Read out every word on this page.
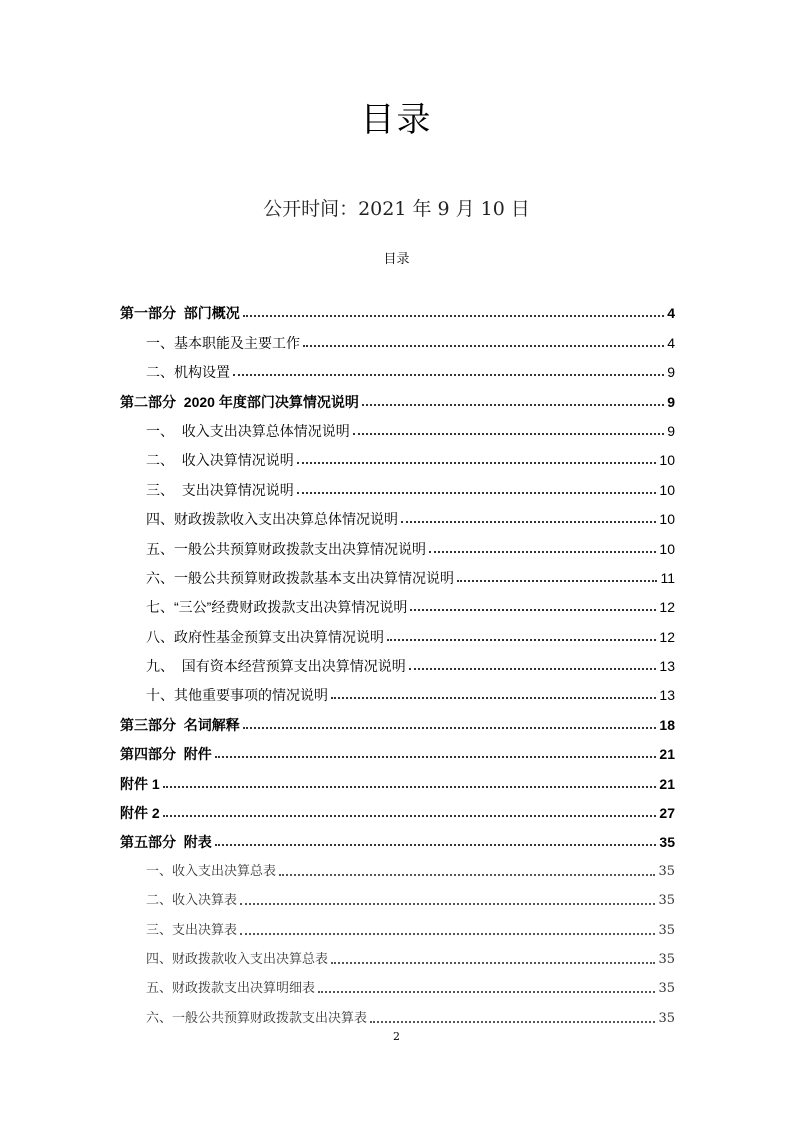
目录
公开时间：2021 年 9 月 10 日
目录
第一部分  部门概况	4
一、基本职能及主要工作	4
二、机构设置	9
第二部分  2020 年度部门决算情况说明	9
一、  收入支出决算总体情况说明	9
二、  收入决算情况说明	10
三、  支出决算情况说明	10
四、财政拨款收入支出决算总体情况说明	10
五、一般公共预算财政拨款支出决算情况说明	10
六、一般公共预算财政拨款基本支出决算情况说明	11
七、“三公”经费财政拨款支出决算情况说明	12
八、政府性基金预算支出决算情况说明	12
九、  国有资本经营预算支出决算情况说明	13
十、其他重要事项的情况说明	13
第三部分  名词解释	18
第四部分  附件	21
附件 1	21
附件 2	27
第五部分  附表	35
一、收入支出决算总表	35
二、收入决算表	35
三、支出决算表	35
四、财政拨款收入支出决算总表	35
五、财政拨款支出决算明细表	35
六、一般公共预算财政拨款支出决算表	35
2
